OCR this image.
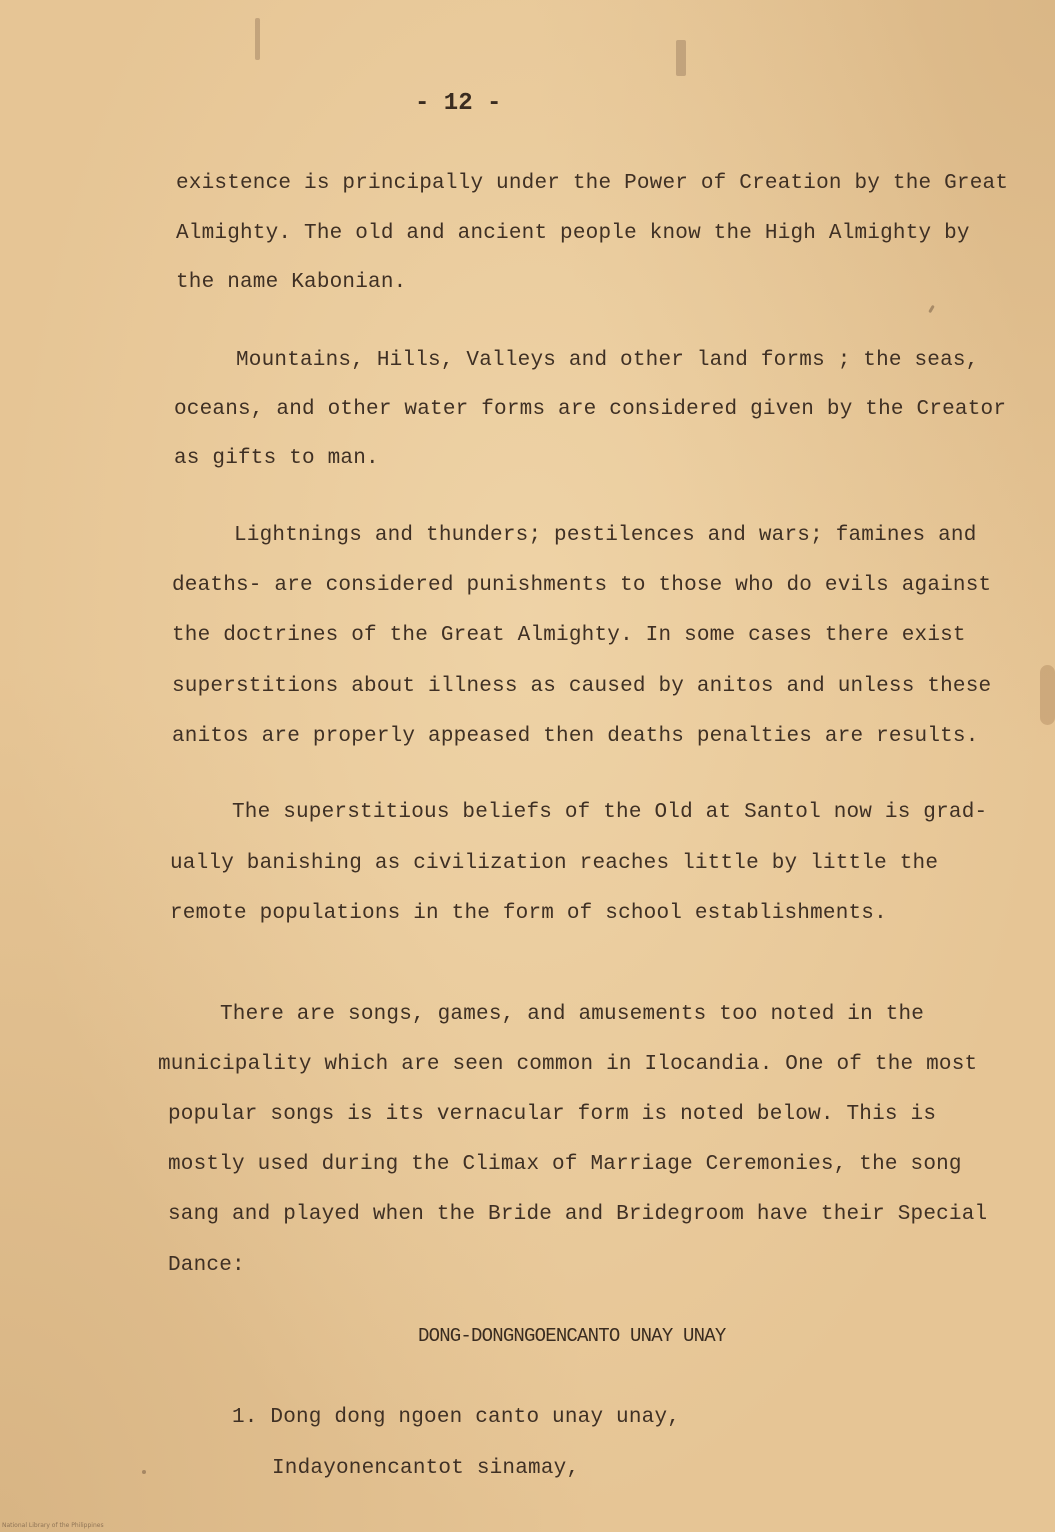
- 12 -
existence is principally under the Power of Creation by the Great
Almighty. The old and ancient people know the High Almighty by
the name Kabonian.
Mountains, Hills, Valleys and other land forms ; the seas,
oceans, and other water forms are considered given by the Creator
as gifts to man.
Lightnings and thunders; pestilences and wars; famines and
deaths- are considered punishments to those who do evils against
the doctrines of the Great Almighty. In some cases there exist
superstitions about illness as caused by anitos and unless these
anitos are properly appeased then deaths penalties are results.
The superstitious beliefs of the Old at Santol now is grad-
ually banishing as civilization reaches little by little the
remote populations in the form of school establishments.
There are songs, games, and amusements too noted in the
municipality which are seen common in Ilocandia. One of the most
popular songs is its vernacular form is noted below. This is
mostly used during the Climax of Marriage Ceremonies, the song
sang and played when the Bride and Bridegroom have their Special
Dance:
DONG-DONGNGOENCANTO UNAY UNAY
1. Dong dong ngoen canto unay unay,
Indayonencantot sinamay,
National Library of the Philippines
